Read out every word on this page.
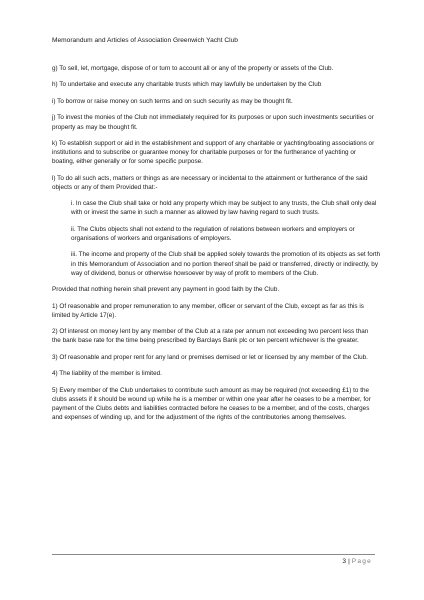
Memorandum and Articles of Association Greenwich Yacht Club

g) To sell, let, mortgage, dispose of or turn to account all or any of the property or assets of the Club.

h) To undertake and execute any charitable trusts which may lawfully be undertaken by the Club

i) To borrow or raise money on such terms and on such security as may be thought fit.

j) To invest the monies of the Club not immediately required for its purposes or upon such investments securities or property as may be thought fit.

k) To establish support or aid in the establishment and support of any charitable or yachting/boating associations or institutions and to subscribe or guarantee money for charitable purposes or for the furtherance of yachting or boating, either generally or for some specific purpose.

l) To do all such acts, matters or things as are necessary or incidental to the attainment or furtherance of the said objects or any of them Provided that:-

i. In case the Club shall take or hold any property which may be subject to any trusts, the Club shall only deal with or invest the same in such a manner as allowed by law having regard to such trusts.

ii. The Clubs objects shall not extend to the regulation of relations between workers and employers or organisations of workers and organisations of employers.

iii. The income and property of the Club shall be applied solely towards the promotion of its objects as set forth in this Memorandum of Association and no portion thereof shall be paid or transferred, directly or indirectly, by way of dividend, bonus or otherwise howsoever by way of profit to members of the Club.

Provided that nothing herein shall prevent any payment in good faith by the Club.

1) Of reasonable and proper remuneration to any member, officer or servant of the Club, except as far as this is limited by Article 17(e).

2) Of interest on money lent by any member of the Club at a rate per annum not exceeding two percent less than the bank base rate for the time being prescribed by Barclays Bank plc or ten percent whichever is the greater.

3) Of reasonable and proper rent for any land or premises demised or let or licensed by any member of the Club.

4) The liability of the member is limited.

5) Every member of the Club undertakes to contribute such amount as may be required (not exceeding £1) to the clubs assets if it should be wound up while he is a member or within one year after he ceases to be a member, for payment of the Clubs debts and liabilities contracted before he ceases to be a member, and of the costs, charges and expenses of winding up, and for the adjustment of the rights of the contributories among themselves.

3 | Page
